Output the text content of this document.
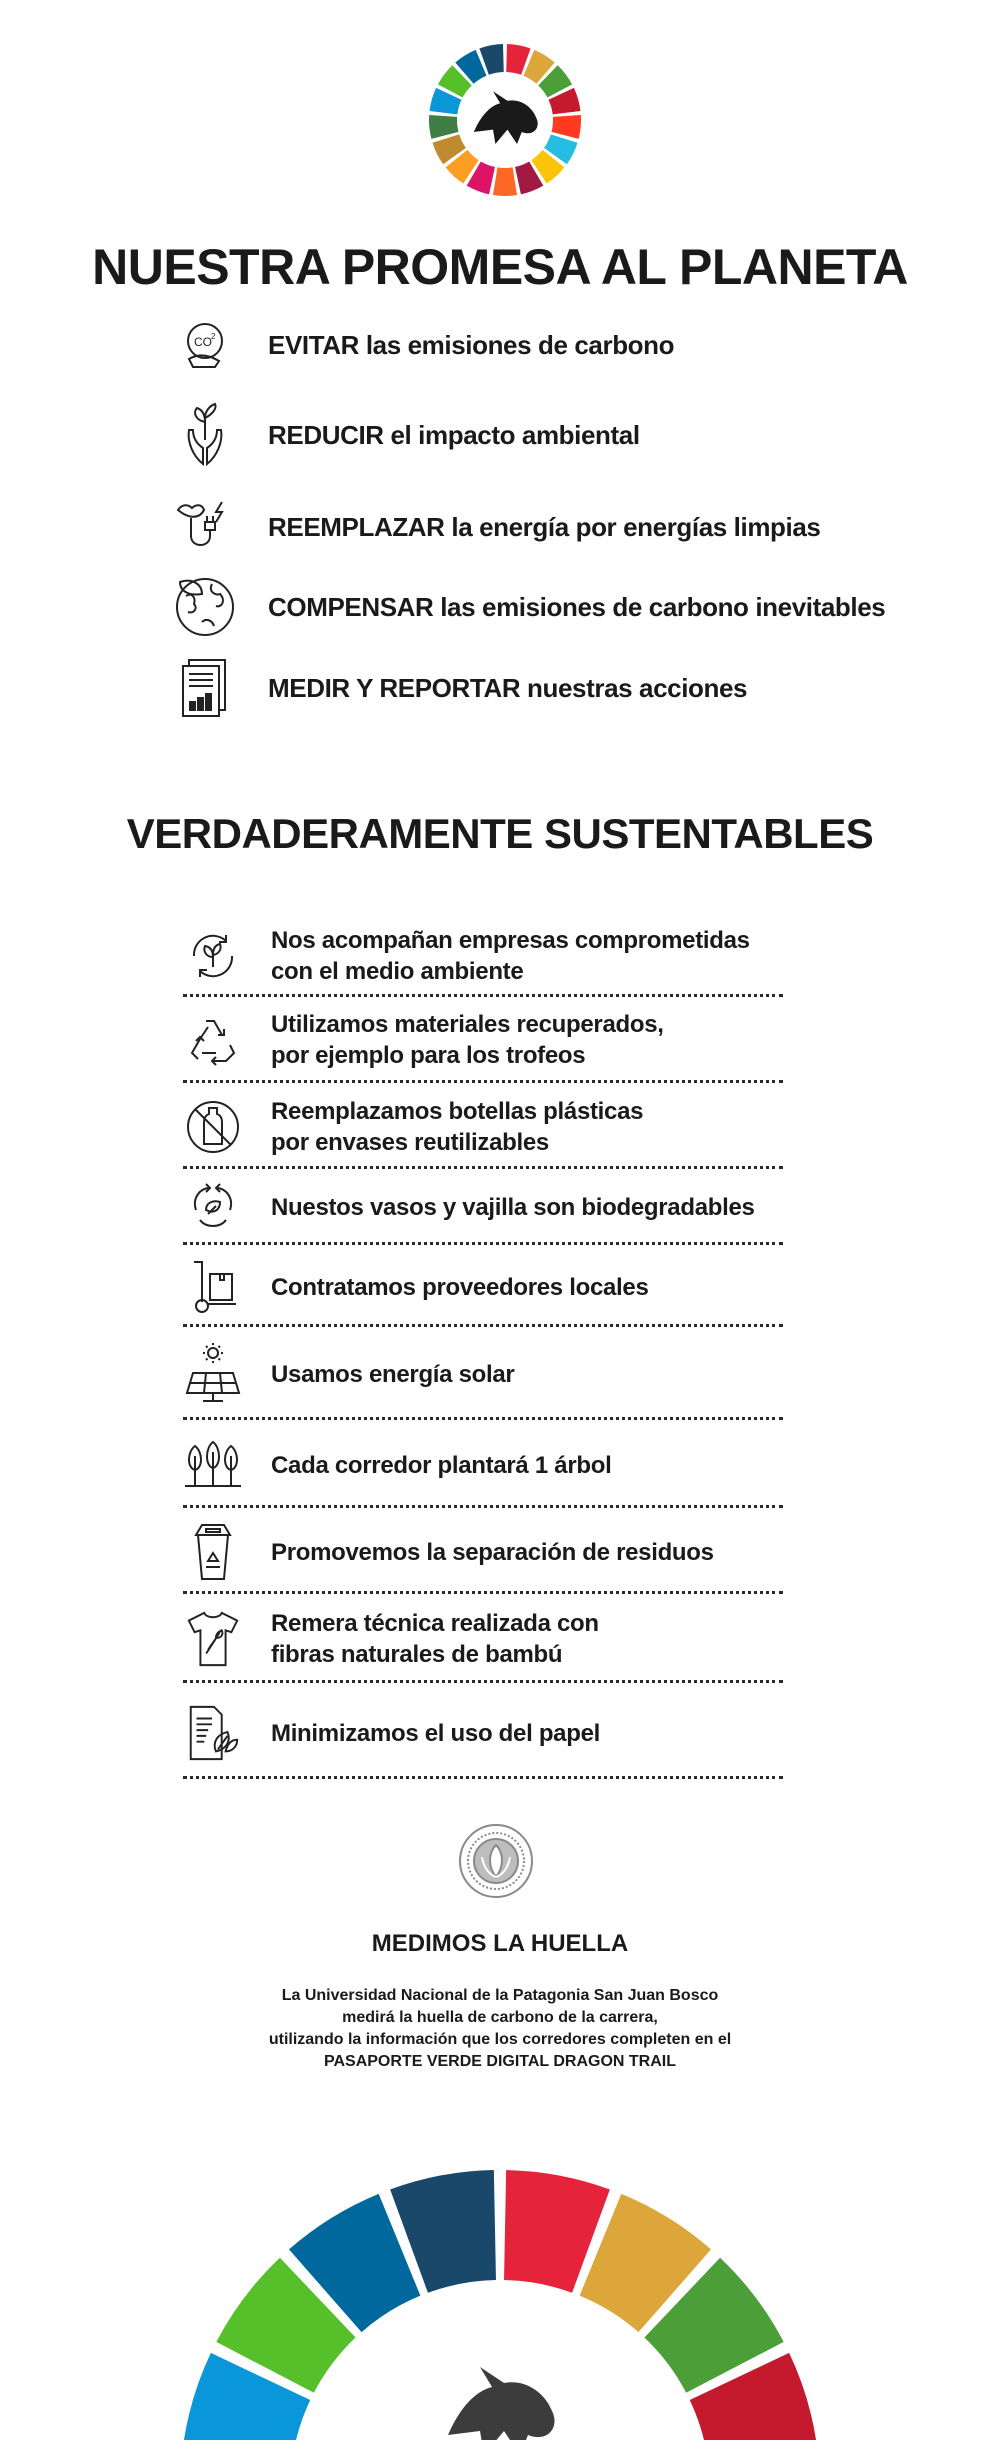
NUESTRA PROMESA AL PLANETA
CO 2 EVITAR las emisiones de carbono
REDUCIR el impacto ambiental
REEMPLAZAR la energía por energías limpias
COMPENSAR las emisiones de carbono inevitables
MEDIR Y REPORTAR nuestras acciones
VERDADERAMENTE SUSTENTABLES
Nos acompañan empresas comprometidas
con el medio ambiente
Utilizamos materiales recuperados,
por ejemplo para los trofeos
Reemplazamos botellas plásticas
por envases reutilizables
Nuestos vasos y vajilla son biodegradables
Contratamos proveedores locales
Usamos energía solar
Cada corredor plantará 1 árbol
Promovemos la separación de residuos
Remera técnica realizada con
fibras naturales de bambú
Minimizamos el uso del papel
MEDIMOS LA HUELLA
La Universidad Nacional de la Patagonia San Juan Bosco
medirá la huella de carbono de la carrera,
utilizando la información que los corredores completen en el
PASAPORTE VERDE DIGITAL DRAGON TRAIL
